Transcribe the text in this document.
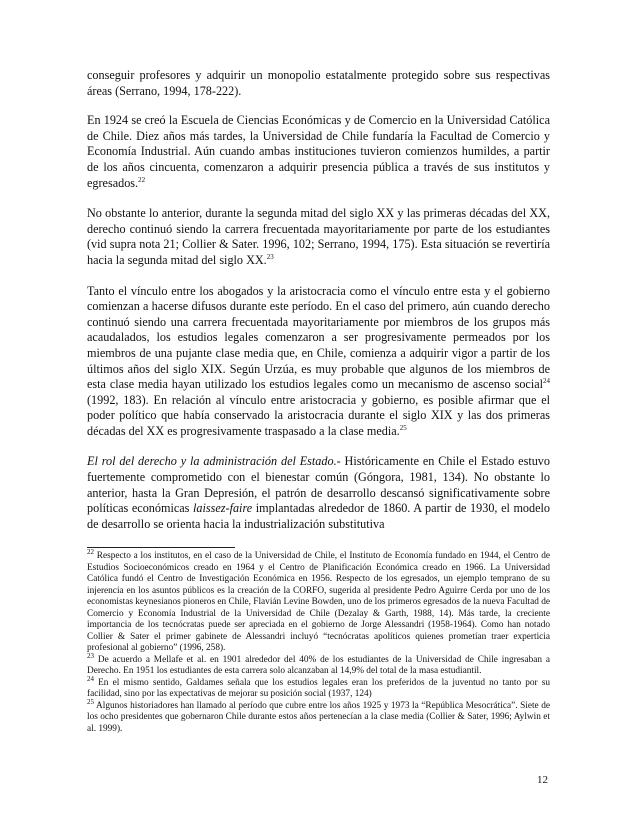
conseguir profesores y adquirir un monopolio estatalmente protegido sobre sus respectivas áreas (Serrano, 1994, 178-222).

En 1924 se creó la Escuela de Ciencias Económicas y de Comercio en la Universidad Católica de Chile. Diez años más tardes, la Universidad de Chile fundaría la Facultad de Comercio y Economía Industrial. Aún cuando ambas instituciones tuvieron comienzos humildes, a partir de los años cincuenta, comenzaron a adquirir presencia pública a través de sus institutos y egresados.$^{22}$

No obstante lo anterior, durante la segunda mitad del siglo XX y las primeras décadas del XX, derecho continuó siendo la carrera frecuentada mayoritariamente por parte de los estudiantes (vid supra nota 21; Collier & Sater. 1996, 102; Serrano, 1994, 175). Esta situación se revertiría hacia la segunda mitad del siglo XX.$^{23}$

Tanto el vínculo entre los abogados y la aristocracia como el vínculo entre esta y el gobierno comienzan a hacerse difusos durante este período. En el caso del primero, aún cuando derecho continuó siendo una carrera frecuentada mayoritariamente por miembros de los grupos más acaudalados, los estudios legales comenzaron a ser progresivamente permeados por los miembros de una pujante clase media que, en Chile, comienza a adquirir vigor a partir de los últimos años del siglo XIX. Según Urzúa, es muy probable que algunos de los miembros de esta clase media hayan utilizado los estudios legales como un mecanismo de ascenso social$^{24}$ (1992, 183). En relación al vínculo entre aristocracia y gobierno, es posible afirmar que el poder político que había conservado la aristocracia durante el siglo XIX y las dos primeras décadas del XX es progresivamente traspasado a la clase media.$^{25}$

El rol del derecho y la administración del Estado.- Históricamente en Chile el Estado estuvo fuertemente comprometido con el bienestar común (Góngora, 1981, 134). No obstante lo anterior, hasta la Gran Depresión, el patrón de desarrollo descansó significativamente sobre políticas económicas laissez-faire implantadas alrededor de 1860. A partir de 1930, el modelo de desarrollo se orienta hacia la industrialización substitutiva

$^{22}$ Respecto a los institutos, en el caso de la Universidad de Chile, el Instituto de Economía fundado en 1944, el Centro de Estudios Socioeconómicos creado en 1964 y el Centro de Planificación Económica creado en 1966. La Universidad Católica fundó el Centro de Investigación Económica en 1956. Respecto de los egresados, un ejemplo temprano de su injerencia en los asuntos públicos es la creación de la CORFO, sugerida al presidente Pedro Aguirre Cerda por uno de los economistas keynesianos pioneros en Chile, Flavián Levine Bowden, uno de los primeros egresados de la nueva Facultad de Comercio y Economía Industrial de la Universidad de Chile (Dezalay & Garth, 1988, 14). Más tarde, la creciente importancia de los tecnócratas puede ser apreciada en el gobierno de Jorge Alessandri (1958-1964). Como han notado Collier & Sater el primer gabinete de Alessandri incluyó “tecnócratas apolíticos quienes prometían traer experticia profesional al gobierno” (1996, 258).

$^{23}$ De acuerdo a Mellafe et al. en 1901 alrededor del 40% de los estudiantes de la Universidad de Chile ingresaban a Derecho. En 1951 los estudiantes de esta carrera solo alcanzaban al 14,9% del total de la masa estudiantil.

$^{24}$ En el mismo sentido, Galdames señala que los estudios legales eran los preferidos de la juventud no tanto por su facilidad, sino por las expectativas de mejorar su posición social (1937, 124)

$^{25}$ Algunos historiadores han llamado al período que cubre entre los años 1925 y 1973 la “República Mesocrática”. Siete de los ocho presidentes que gobernaron Chile durante estos años pertenecían a la clase media (Collier & Sater, 1996; Aylwin et al. 1999).

12
